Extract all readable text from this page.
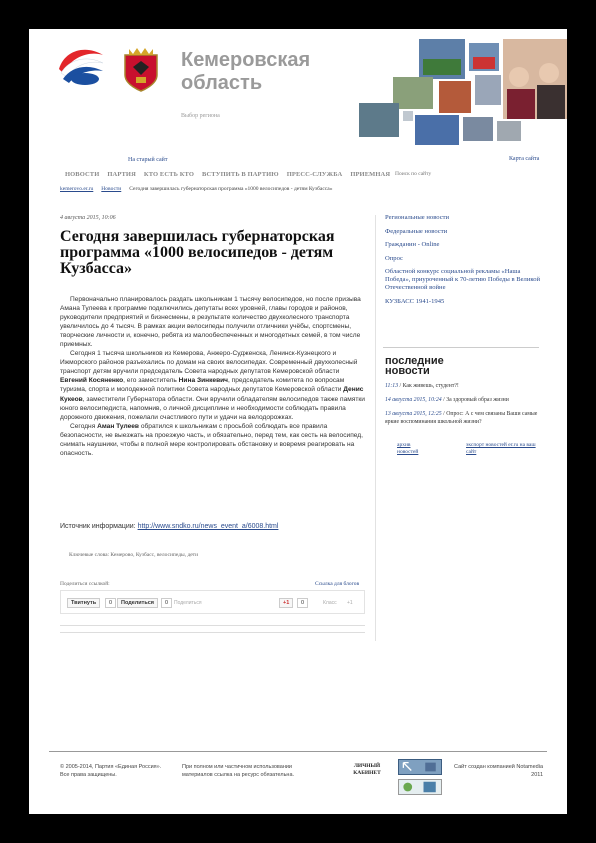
Кемеровская область
Выбор региона
На старый сайт	Карта сайта
НОВОСТИ ПАРТИЯ КТО ЕСТЬ КТО ВСТУПИТЬ В ПАРТИЮ ПРЕСС-СЛУЖБА ПРИЕМНАЯ
Поиск по сайту
kemerovo.er.ru Новости Сегодня завершилась губернаторская программа «1000 велосипедов - детям Кузбасса»
4 августа 2015, 10:06
Сегодня завершилась губернаторская программа «1000 велосипедов - детям Кузбасса»

Первоначально планировалось раздать школьникам 1 тысячу велосипедов, но после призыва Амана Тулеева к программе подключились депутаты всех уровней, главы городов и районов, руководители предприятий и бизнесмены, в результате количество двухколесного транспорта увеличилось до 4 тысяч. В рамках акции велосипеды получили отличники учёбы, спортсмены, творческие личности и, конечно, ребята из малообеспеченных и многодетных семей, в том числе приемных.

Сегодня 1 тысяча школьников из Кемерова, Анжеро-Судженска, Ленинск-Кузнецкого и Ижморского районов разъехались по домам на своих велосипедах. Современный двухколесный транспорт детям вручили председатель Совета народных депутатов Кемеровской области Евгений Косяненко, его заместитель Нина Зинкевич, председатель комитета по вопросам туризма, спорта и молодежной политики Совета народных депутатов Кемеровской области Денис Кукеов, заместители Губернатора области. Они вручили обладателям велосипедов также памятки юного велосипедиста, напомнив, о личной дисциплине и необходимости соблюдать правила дорожного движения, пожелали счастливого пути и удачи на велодорожках.

Сегодня Аман Тулеев обратился к школьникам с просьбой соблюдать все правила безопасности, не выезжать на проезжую часть, и обязательно, перед тем, как сесть на велосипед, снимать наушники, чтобы в полной мере контролировать обстановку и вовремя реагировать на опасность.

Источник информации: http://www.sndko.ru/news_event_a/6008.html
Ключевые слова: Кемерово, Кузбасс, велосипеды, дети
Поделиться ссылкой:	Ссылка для блогов
Твитнуть	0	Поделиться	0	Поделиться	+1	0	Класс +1
Региональные новости
Федеральные новости
Гражданин - Online
Опрос
Областной конкурс социальной рекламы «Наша Победа», приуроченный к 70-летию Победы в Великой Отечественной войне
КУЗБАСС 1941-1945
последние новости
11:13 / Как живешь, студент?!
14 августа 2015, 10:24 / За здоровый образ жизни
13 августа 2015, 12:25 / Опрос: А с чем связаны Ваши самые яркие воспоминания школьной жизни?
архив новостей
экспорт новостей ег.ru на ваш сайт
© 2005-2014, Партия «Единая Россия». Все права защищены.
При полном или частичном использовании материалов ссылка на ресурс обязательна.
ЛИЧНЫЙ КАБИНЕТ
Сайт создан компанией Notamedia 2011
